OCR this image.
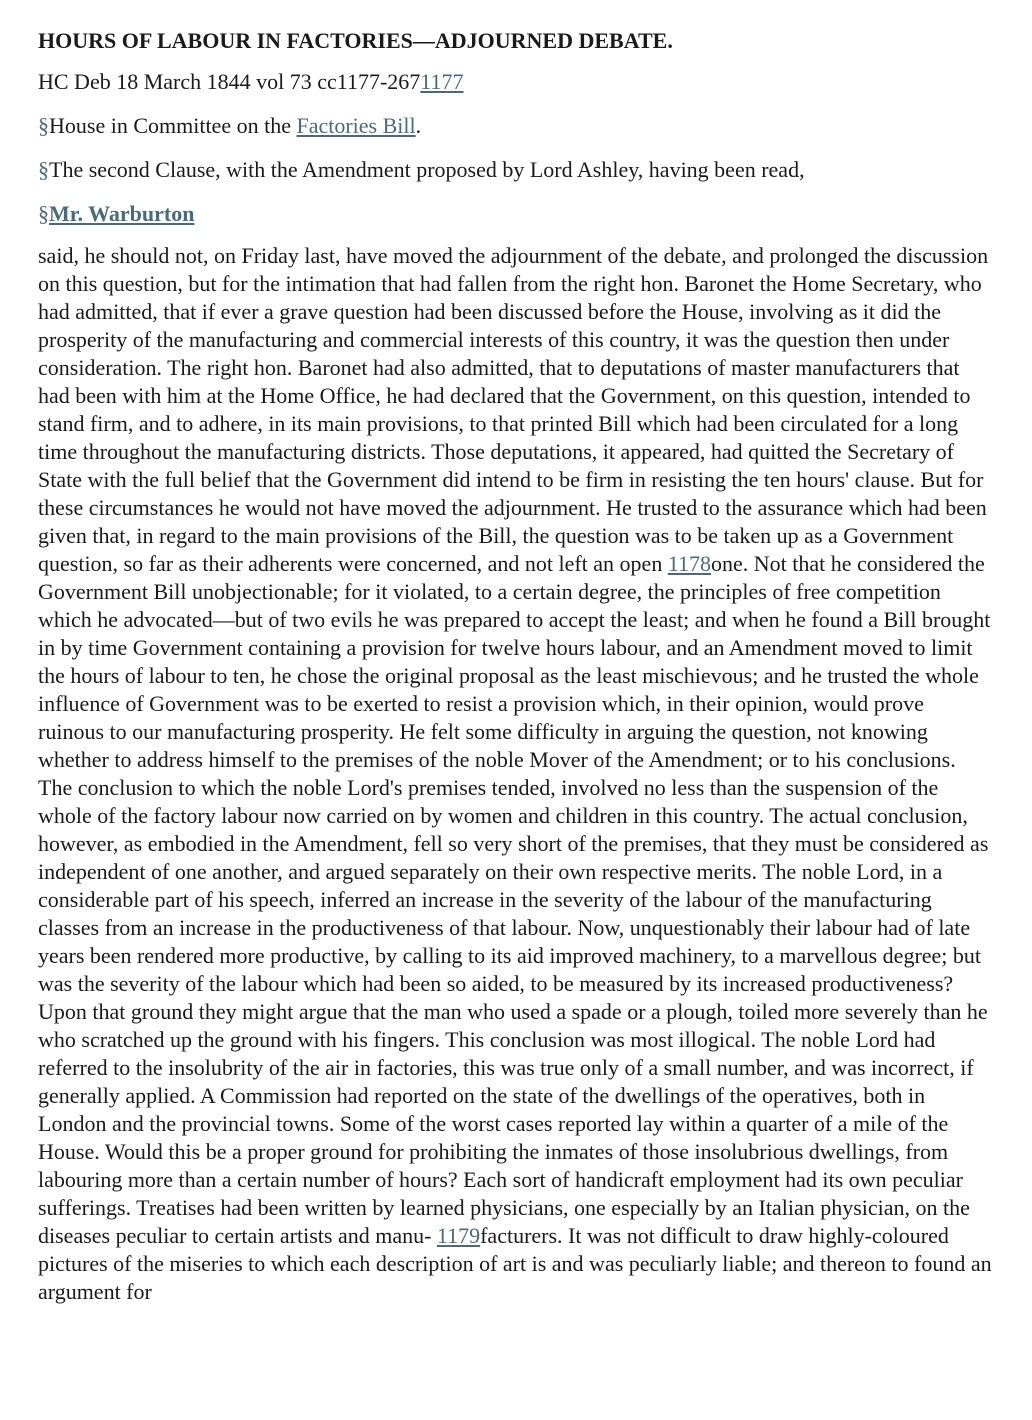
HOURS OF LABOUR IN FACTORIES—ADJOURNED DEBATE.

HC Deb 18 March 1844 vol 73 cc1177-2671177

§House in Committee on the Factories Bill.

§The second Clause, with the Amendment proposed by Lord Ashley, having been read,

§Mr. Warburton

said, he should not, on Friday last, have moved the adjournment of the debate, and prolonged the discussion on this question, but for the intimation that had fallen from the right hon. Baronet the Home Secretary, who had admitted, that if ever a grave question had been discussed before the House, involving as it did the prosperity of the manufacturing and commercial interests of this country, it was the question then under consideration. The right hon. Baronet had also admitted, that to deputations of master manufacturers that had been with him at the Home Office, he had declared that the Government, on this question, intended to stand firm, and to adhere, in its main provisions, to that printed Bill which had been circulated for a long time throughout the manufacturing districts. Those deputations, it appeared, had quitted the Secretary of State with the full belief that the Government did intend to be firm in resisting the ten hours' clause. But for these circumstances he would not have moved the adjournment. He trusted to the assurance which had been given that, in regard to the main provisions of the Bill, the question was to be taken up as a Government question, so far as their adherents were concerned, and not left an open 1178one. Not that he considered the Government Bill unobjectionable; for it violated, to a certain degree, the principles of free competition which he advocated—but of two evils he was prepared to accept the least; and when he found a Bill brought in by time Government containing a provision for twelve hours labour, and an Amendment moved to limit the hours of labour to ten, he chose the original proposal as the least mischievous; and he trusted the whole influence of Government was to be exerted to resist a provision which, in their opinion, would prove ruinous to our manufacturing prosperity. He felt some difficulty in arguing the question, not knowing whether to address himself to the premises of the noble Mover of the Amendment; or to his conclusions. The conclusion to which the noble Lord's premises tended, involved no less than the suspension of the whole of the factory labour now carried on by women and children in this country. The actual conclusion, however, as embodied in the Amendment, fell so very short of the premises, that they must be considered as independent of one another, and argued separately on their own respective merits. The noble Lord, in a considerable part of his speech, inferred an increase in the severity of the labour of the manufacturing classes from an increase in the productiveness of that labour. Now, unquestionably their labour had of late years been rendered more productive, by calling to its aid improved machinery, to a marvellous degree; but was the severity of the labour which had been so aided, to be measured by its increased productiveness? Upon that ground they might argue that the man who used a spade or a plough, toiled more severely than he who scratched up the ground with his fingers. This conclusion was most illogical. The noble Lord had referred to the insolubrity of the air in factories, this was true only of a small number, and was incorrect, if generally applied. A Commission had reported on the state of the dwellings of the operatives, both in London and the provincial towns. Some of the worst cases reported lay within a quarter of a mile of the House. Would this be a proper ground for prohibiting the inmates of those insolubrious dwellings, from labouring more than a certain number of hours? Each sort of handicraft employment had its own peculiar sufferings. Treatises had been written by learned physicians, one especially by an Italian physician, on the diseases peculiar to certain artists and manu- 1179facturers. It was not difficult to draw highly-coloured pictures of the miseries to which each description of art is and was peculiarly liable; and thereon to found an argument for
